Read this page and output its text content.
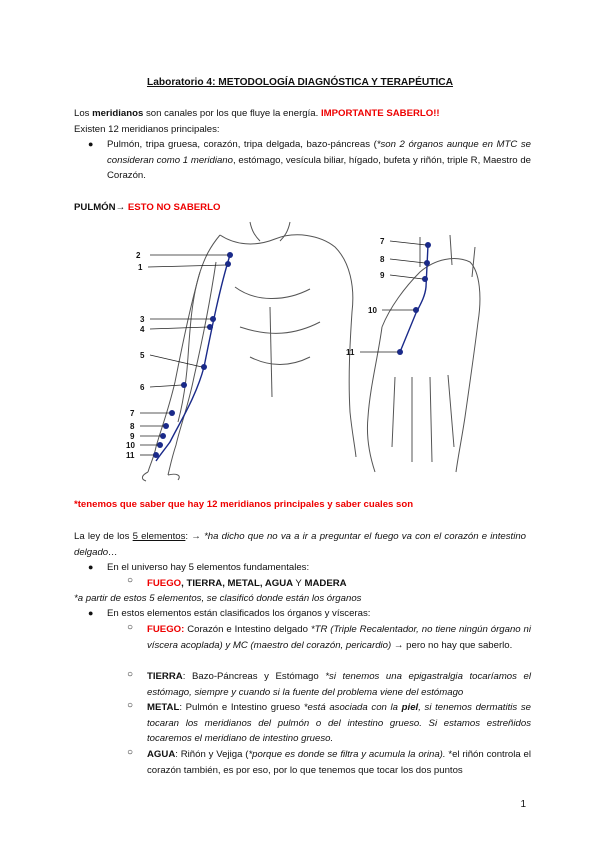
Laboratorio 4: METODOLOGÍA DIAGNÓSTICA Y TERAPÉUTICA
Los meridianos son canales por los que fluye la energía. IMPORTANTE SABERLO!!
Existen 12 meridianos principales:
● Pulmón, tripa gruesa, corazón, tripa delgada, bazo-páncreas (*son 2 órganos aunque en MTC se consideran como 1 meridiano, estómago, vesícula biliar, hígado, bufeta y riñón, triple R, Maestro de Corazón.
PULMÓN→ ESTO NO SABERLO
2
1
3
4
5
6
7
8
9
10
11
7
8
9
10
11
*tenemos que saber que hay 12 meridianos principales y saber cuales son
La ley de los 5 elementos: → *ha dicho que no va a ir a preguntar el fuego va con el corazón e intestino delgado…
● En el universo hay 5 elementos fundamentales:
○ FUEGO, TIERRA, METAL, AGUA Y MADERA
*a partir de estos 5 elementos, se clasificó donde están los órganos
● En estos elementos están clasificados los órganos y vísceras:
○ FUEGO: Corazón e Intestino delgado *TR (Triple Recalentador, no tiene ningún órgano ni víscera acoplada) y MC (maestro del corazón, pericardio) → pero no hay que saberlo.
○ TIERRA: Bazo-Páncreas y Estómago *si tenemos una epigastralgia tocaríamos el estómago, siempre y cuando si la fuente del problema viene del estómago
○ METAL: Pulmón e Intestino grueso *está asociada con la piel, si tenemos dermatitis se tocaran los meridianos del pulmón o del intestino grueso. Si estamos estreñidos tocaremos el meridiano de intestino grueso.
○ AGUA: Riñón y Vejiga (*porque es donde se filtra y acumula la orina). *el riñón controla el corazón también, es por eso, por lo que tenemos que tocar los dos puntos
1
